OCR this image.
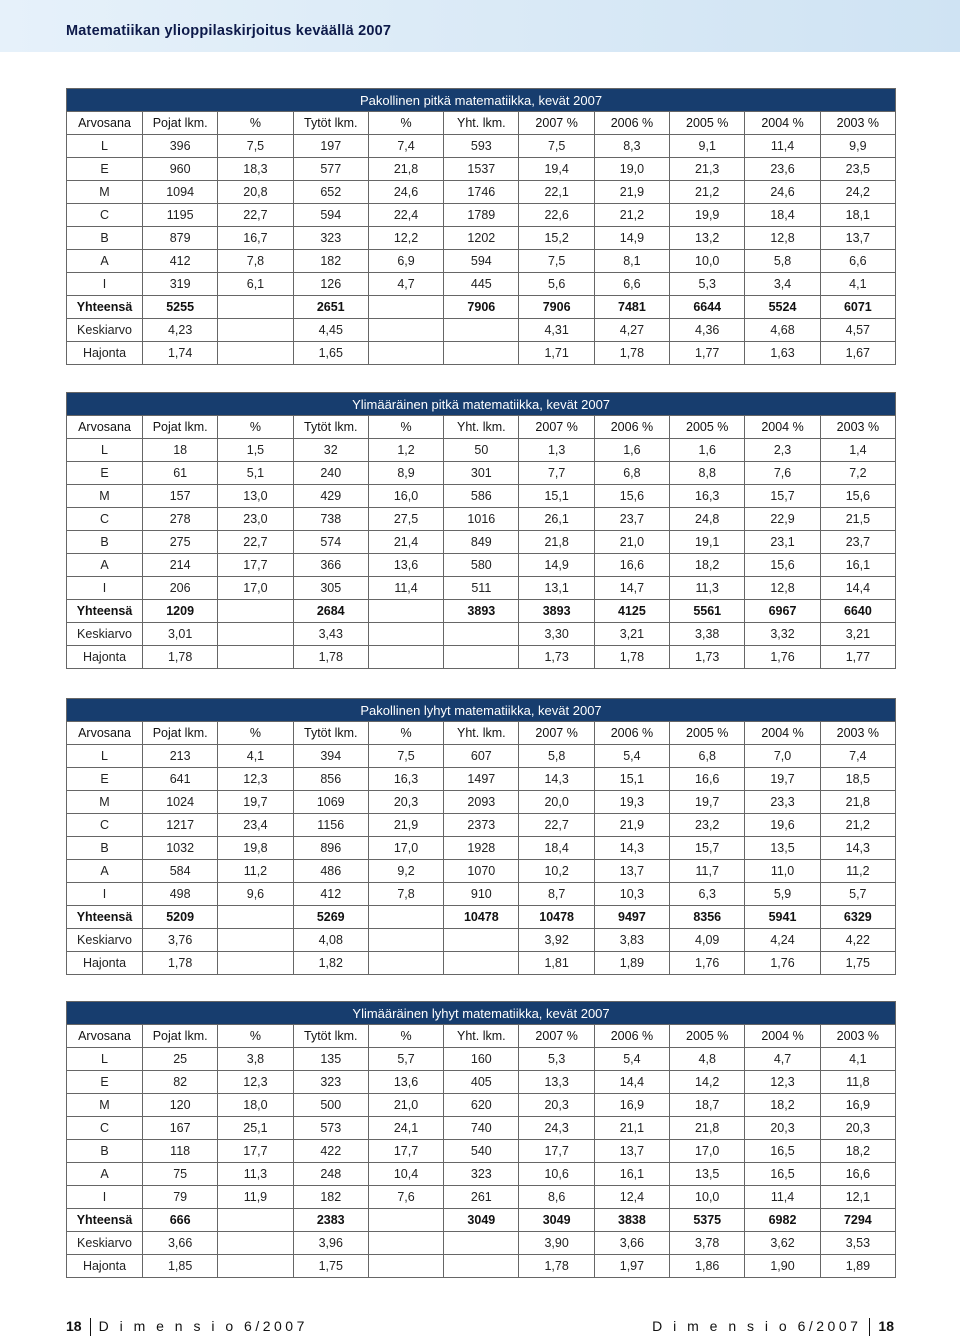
Matematiikan ylioppilaskirjoitus keväällä 2007
Pakollinen pitkä matematiikka, kevät 2007										
Arvosana	Pojat lkm.	%	Tytöt lkm.	%	Yht. lkm.	2007 %	2006 %	2005 %	2004 %	2003 %
L	396	7,5	197	7,4	593	7,5	8,3	9,1	11,4	9,9
E	960	18,3	577	21,8	1537	19,4	19,0	21,3	23,6	23,5
M	1094	20,8	652	24,6	1746	22,1	21,9	21,2	24,6	24,2
C	1195	22,7	594	22,4	1789	22,6	21,2	19,9	18,4	18,1
B	879	16,7	323	12,2	1202	15,2	14,9	13,2	12,8	13,7
A	412	7,8	182	6,9	594	7,5	8,1	10,0	5,8	6,6
I	319	6,1	126	4,7	445	5,6	6,6	5,3	3,4	4,1
Yhteensä	5255		2651		7906	7906	7481	6644	5524	6071
Keskiarvo	4,23		4,45			4,31	4,27	4,36	4,68	4,57
Hajonta	1,74		1,65			1,71	1,78	1,77	1,63	1,67
Ylimääräinen pitkä matematiikka, kevät 2007										
Arvosana	Pojat lkm.	%	Tytöt lkm.	%	Yht. lkm.	2007 %	2006 %	2005 %	2004 %	2003 %
L	18	1,5	32	1,2	50	1,3	1,6	1,6	2,3	1,4
E	61	5,1	240	8,9	301	7,7	6,8	8,8	7,6	7,2
M	157	13,0	429	16,0	586	15,1	15,6	16,3	15,7	15,6
C	278	23,0	738	27,5	1016	26,1	23,7	24,8	22,9	21,5
B	275	22,7	574	21,4	849	21,8	21,0	19,1	23,1	23,7
A	214	17,7	366	13,6	580	14,9	16,6	18,2	15,6	16,1
I	206	17,0	305	11,4	511	13,1	14,7	11,3	12,8	14,4
Yhteensä	1209		2684		3893	3893	4125	5561	6967	6640
Keskiarvo	3,01		3,43			3,30	3,21	3,38	3,32	3,21
Hajonta	1,78		1,78			1,73	1,78	1,73	1,76	1,77
Pakollinen lyhyt matematiikka, kevät 2007										
Arvosana	Pojat lkm.	%	Tytöt lkm.	%	Yht. lkm.	2007 %	2006 %	2005 %	2004 %	2003 %
L	213	4,1	394	7,5	607	5,8	5,4	6,8	7,0	7,4
E	641	12,3	856	16,3	1497	14,3	15,1	16,6	19,7	18,5
M	1024	19,7	1069	20,3	2093	20,0	19,3	19,7	23,3	21,8
C	1217	23,4	1156	21,9	2373	22,7	21,9	23,2	19,6	21,2
B	1032	19,8	896	17,0	1928	18,4	14,3	15,7	13,5	14,3
A	584	11,2	486	9,2	1070	10,2	13,7	11,7	11,0	11,2
I	498	9,6	412	7,8	910	8,7	10,3	6,3	5,9	5,7
Yhteensä	5209		5269		10478	10478	9497	8356	5941	6329
Keskiarvo	3,76		4,08			3,92	3,83	4,09	4,24	4,22
Hajonta	1,78		1,82			1,81	1,89	1,76	1,76	1,75
Ylimääräinen lyhyt matematiikka, kevät 2007										
Arvosana	Pojat lkm.	%	Tytöt lkm.	%	Yht. lkm.	2007 %	2006 %	2005 %	2004 %	2003 %
L	25	3,8	135	5,7	160	5,3	5,4	4,8	4,7	4,1
E	82	12,3	323	13,6	405	13,3	14,4	14,2	12,3	11,8
M	120	18,0	500	21,0	620	20,3	16,9	18,7	18,2	16,9
C	167	25,1	573	24,1	740	24,3	21,1	21,8	20,3	20,3
B	118	17,7	422	17,7	540	17,7	13,7	17,0	16,5	18,2
A	75	11,3	248	10,4	323	10,6	16,1	13,5	16,5	16,6
I	79	11,9	182	7,6	261	8,6	12,4	10,0	11,4	12,1
Yhteensä	666		2383		3049	3049	3838	5375	6982	7294
Keskiarvo	3,66		3,96			3,90	3,66	3,78	3,62	3,53
Hajonta	1,85		1,75			1,78	1,97	1,86	1,90	1,89
18 D i m e n s i o 6/2007	D i m e n s i o 6/2007 18
